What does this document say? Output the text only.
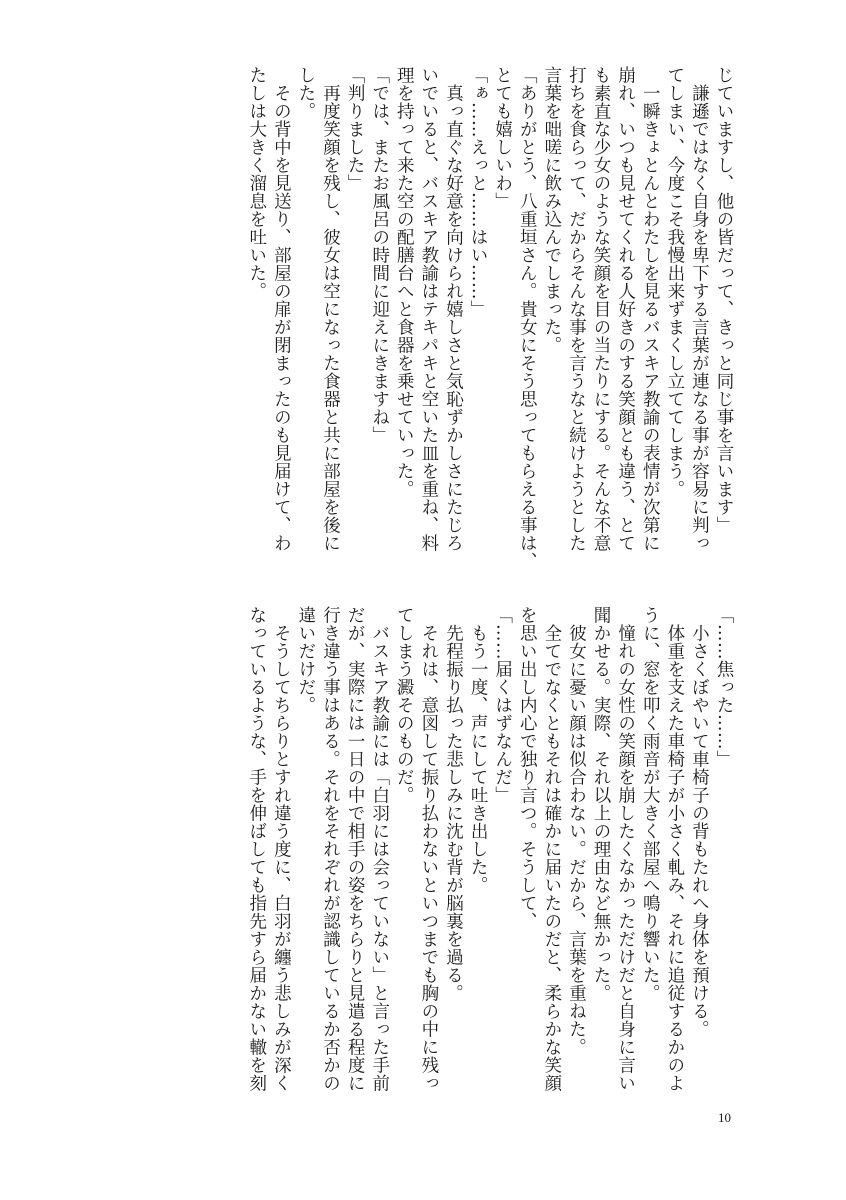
じていますし、他の皆だって、きっと同じ事を言います」
　謙遜ではなく自身を卑下する言葉が連なる事が容易に判っ
てしまい、今度こそ我慢出来ずまくし立ててしまう。
　一瞬きょとんとわたしを見るバスキア教諭の表情が次第に
崩れ、いつも見せてくれる人好きのする笑顔とも違う、とて
も素直な少女のような笑顔を目の当たりにする。そんな不意
打ちを食らって、だからそんな事を言うなと続けようとした
言葉を咄嗟に飲み込んでしまった。
「ありがとう、八重垣さん。貴女にそう思ってもらえる事は、
とても嬉しいわ」
「ぁ……えっと……はい……」
　真っ直ぐな好意を向けられ嬉しさと気恥ずかしさにたじろ
いでいると、バスキア教諭はテキパキと空いた皿を重ね、料
理を持って来た空の配膳台へと食器を乗せていった。
「では、またお風呂の時間に迎えにきますね」
「判りました」
　再度笑顔を残し、彼女は空になった食器と共に部屋を後に
した。
　その背中を見送り、部屋の扉が閉まったのも見届けて、わ
たしは大きく溜息を吐いた。
「……焦った……」
　小さくぼやいて車椅子の背もたれへ身体を預ける。
　体重を支えた車椅子が小さく軋み、それに追従するかのよ
うに、窓を叩く雨音が大きく部屋へ鳴り響いた。
　憧れの女性の笑顔を崩したくなかっただけだと自身に言い
聞かせる。実際、それ以上の理由など無かった。
　彼女に憂い顔は似合わない。だから、言葉を重ねた。
　全てでなくともそれは確かに届いたのだと、柔らかな笑顔
を思い出し内心で独り言つ。そうして、
「……届くはずなんだ」
　もう一度、声にして吐き出した。
　先程振り払った悲しみに沈む背が脳裏を過る。
　それは、意図して振り払わないといつまでも胸の中に残っ
てしまう澱そのものだ。
　バスキア教諭には「白羽には会っていない」と言った手前
だが、実際には一日の中で相手の姿をちらりと見遣る程度に
行き違う事はある。それをそれぞれが認識しているか否かの
違いだけだ。
　そうしてちらりとすれ違う度に、白羽が纏う悲しみが深く
なっているような、手を伸ばしても指先すら届かない轍を刻
10
